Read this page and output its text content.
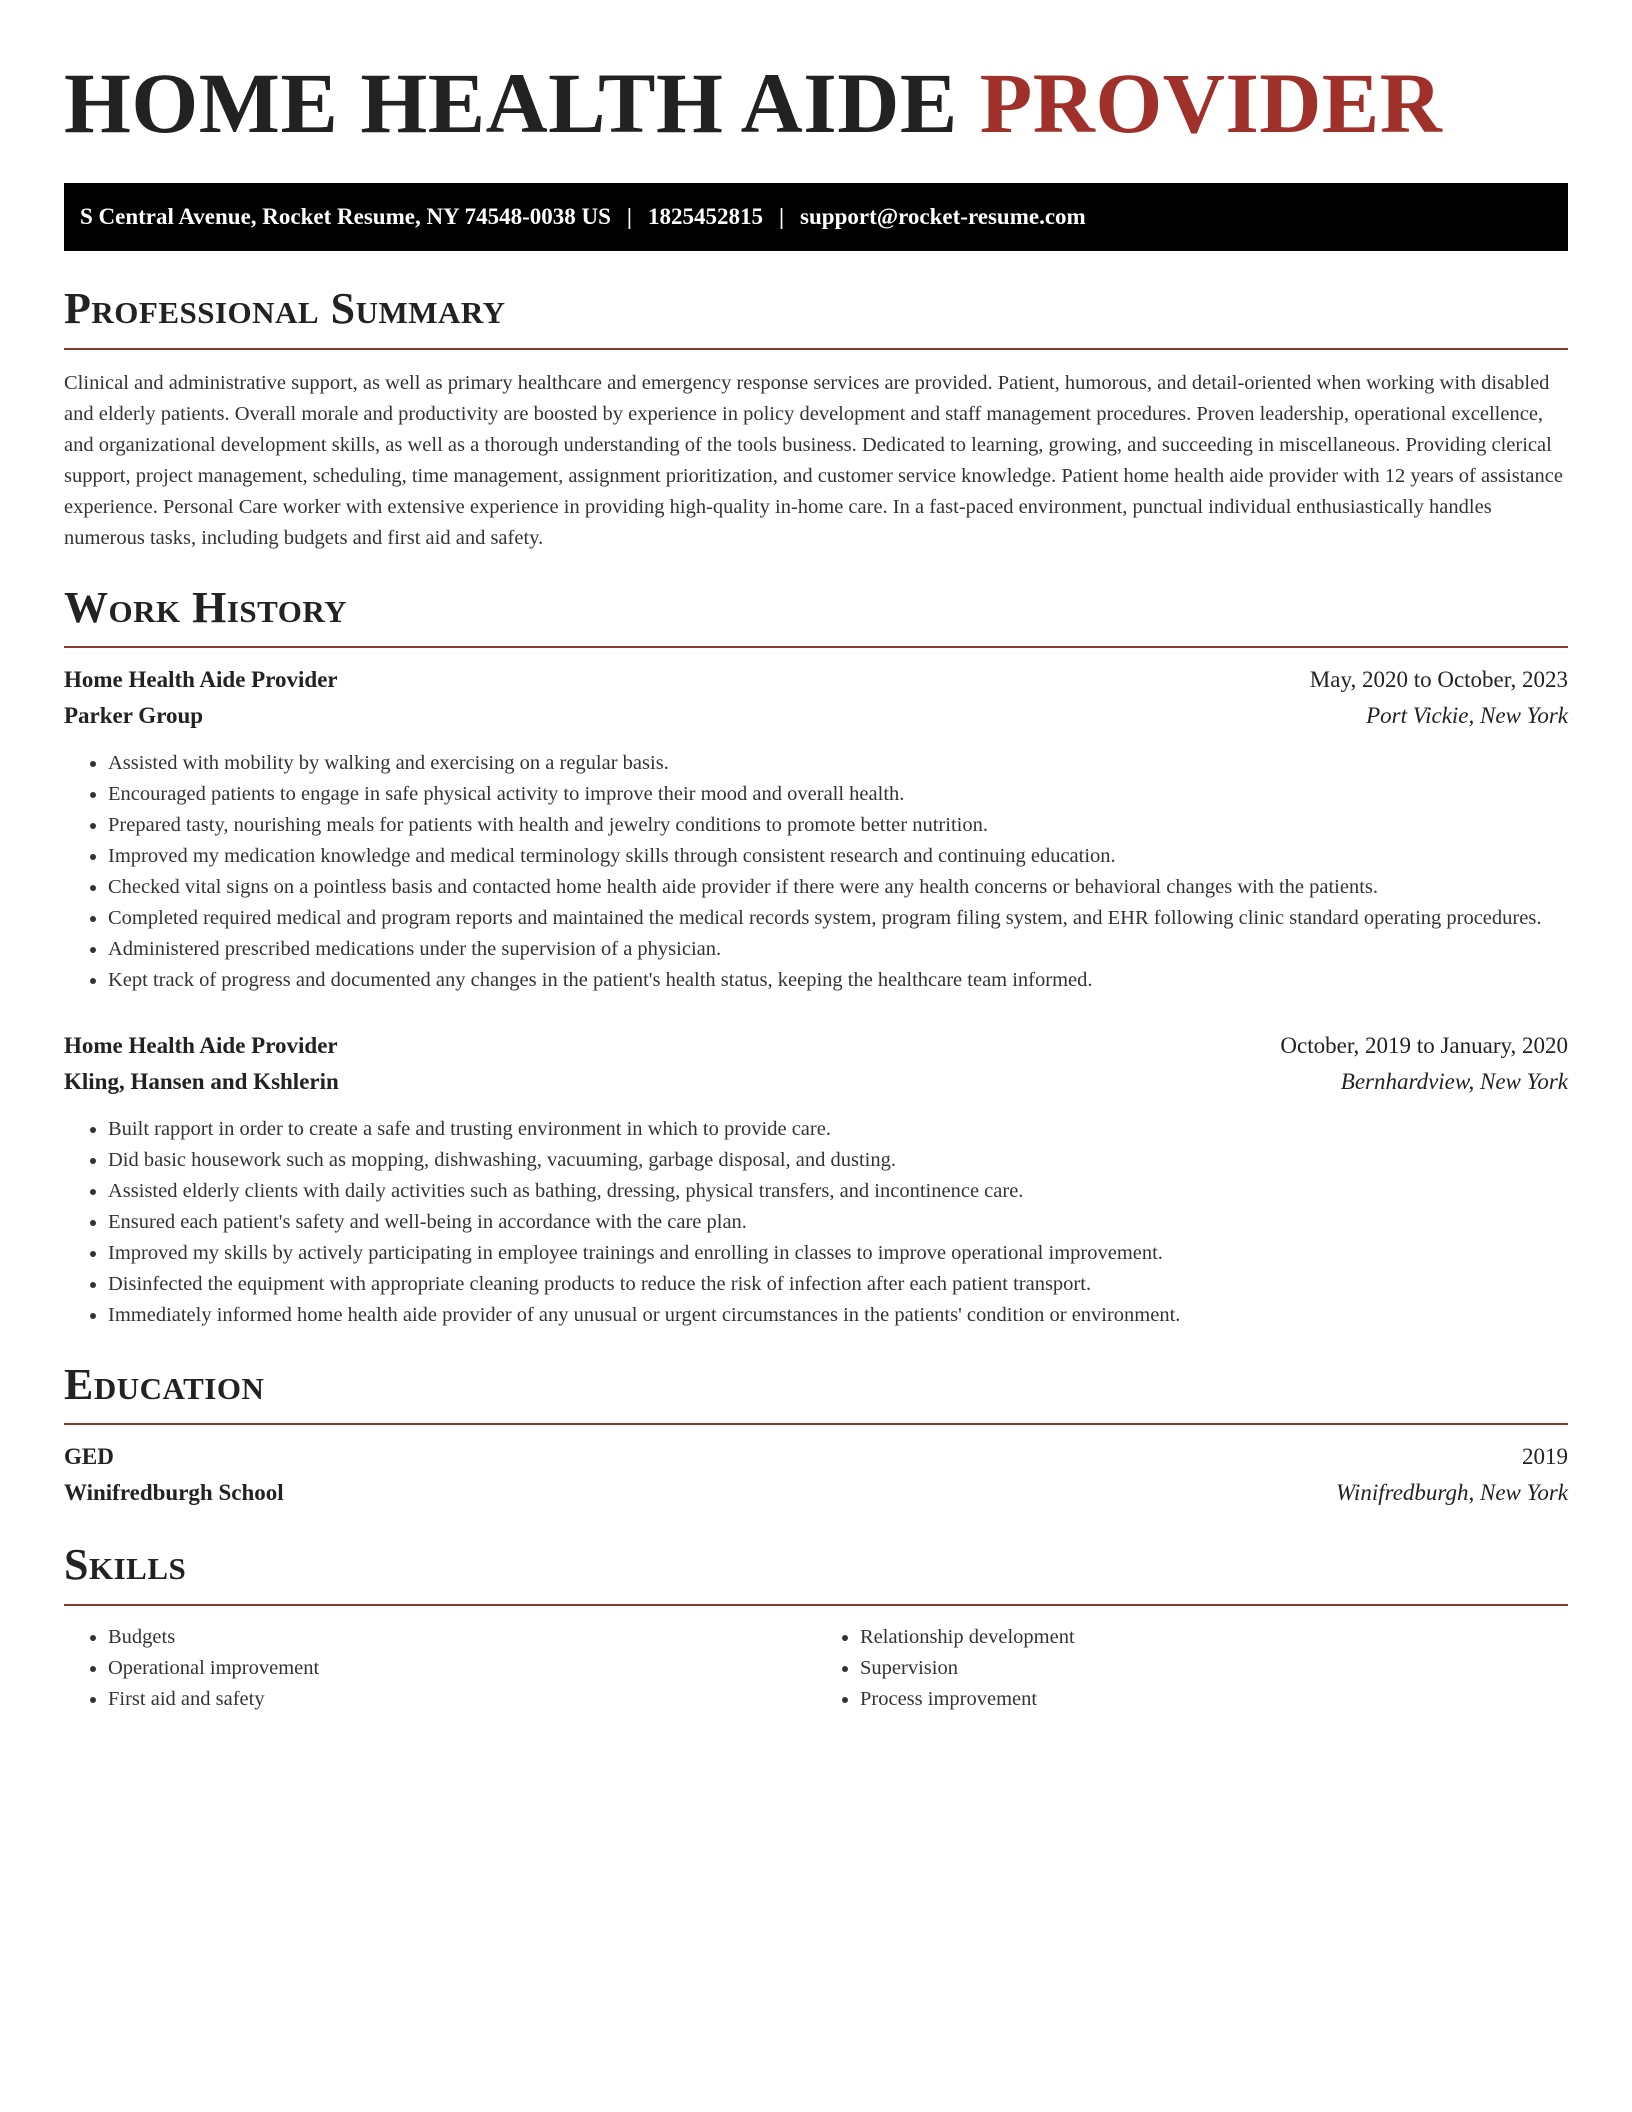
HOME HEALTH AIDE PROVIDER
S Central Avenue, Rocket Resume, NY 74548-0038 US | 1825452815 | support@rocket-resume.com
Professional Summary

Clinical and administrative support, as well as primary healthcare and emergency response services are provided. Patient, humorous, and detail-oriented when working with disabled and elderly patients. Overall morale and productivity are boosted by experience in policy development and staff management procedures. Proven leadership, operational excellence, and organizational development skills, as well as a thorough understanding of the tools business. Dedicated to learning, growing, and succeeding in miscellaneous. Providing clerical support, project management, scheduling, time management, assignment prioritization, and customer service knowledge. Patient home health aide provider with 12 years of assistance experience. Personal Care worker with extensive experience in providing high-quality in-home care. In a fast-paced environment, punctual individual enthusiastically handles numerous tasks, including budgets and first aid and safety.

Work History
Home Health Aide Provider	May, 2020 to October, 2023
Parker Group	Port Vickie, New York
• Assisted with mobility by walking and exercising on a regular basis.
• Encouraged patients to engage in safe physical activity to improve their mood and overall health.
• Prepared tasty, nourishing meals for patients with health and jewelry conditions to promote better nutrition.
• Improved my medication knowledge and medical terminology skills through consistent research and continuing education.
• Checked vital signs on a pointless basis and contacted home health aide provider if there were any health concerns or behavioral changes with the patients.
• Completed required medical and program reports and maintained the medical records system, program filing system, and EHR following clinic standard operating procedures.
• Administered prescribed medications under the supervision of a physician.
• Kept track of progress and documented any changes in the patient's health status, keeping the healthcare team informed.
Home Health Aide Provider	October, 2019 to January, 2020
Kling, Hansen and Kshlerin	Bernhardview, New York
• Built rapport in order to create a safe and trusting environment in which to provide care.
• Did basic housework such as mopping, dishwashing, vacuuming, garbage disposal, and dusting.
• Assisted elderly clients with daily activities such as bathing, dressing, physical transfers, and incontinence care.
• Ensured each patient's safety and well-being in accordance with the care plan.
• Improved my skills by actively participating in employee trainings and enrolling in classes to improve operational improvement.
• Disinfected the equipment with appropriate cleaning products to reduce the risk of infection after each patient transport.
• Immediately informed home health aide provider of any unusual or urgent circumstances in the patients' condition or environment.
Education
GED	2019
Winifredburgh School	Winifredburgh, New York
Skills
• Budgets
• Operational improvement
• First aid and safety
• Relationship development
• Supervision
• Process improvement
